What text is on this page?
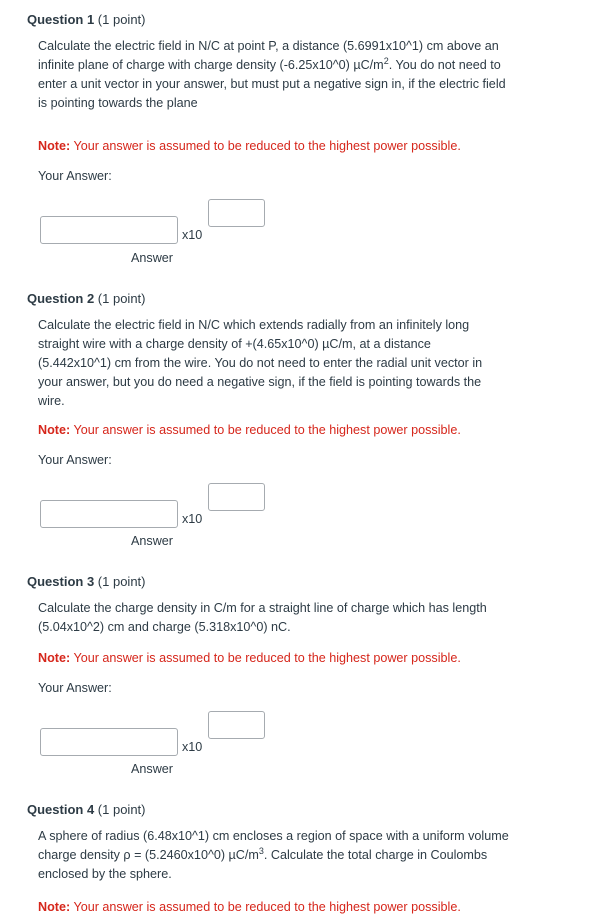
Question 1 (1 point)
Calculate the electric field in N/C at point P, a distance (5.6991x10^1) cm above an
infinite plane of charge with charge density (-6.25x10^0) $\mu C/m^2$. You do not need to
enter a unit vector in your answer, but must put a negative sign in, if the electric field
is pointing towards the plane
Note: Your answer is assumed to be reduced to the highest power possible.
Your Answer:
x10
Answer
Question 2 (1 point)
Calculate the electric field in N/C which extends radially from an infinitely long
straight wire with a charge density of +(4.65x10^0) µC/m, at a distance
(5.442x10^1) cm from the wire. You do not need to enter the radial unit vector in
your answer, but you do need a negative sign, if the field is pointing towards the
wire.
Note: Your answer is assumed to be reduced to the highest power possible.
Your Answer:
x10
Answer
Question 3 (1 point)
Calculate the charge density in C/m for a straight line of charge which has length
(5.04x10^2) cm and charge (5.318x10^0) nC.
Note: Your answer is assumed to be reduced to the highest power possible.
Your Answer:
x10
Answer
Question 4 (1 point)
A sphere of radius (6.48x10^1) cm encloses a region of space with a uniform volume
charge density ρ = (5.2460x10^0) $\mu C/m^3$. Calculate the total charge in Coulombs
enclosed by the sphere.
Note: Your answer is assumed to be reduced to the highest power possible.
